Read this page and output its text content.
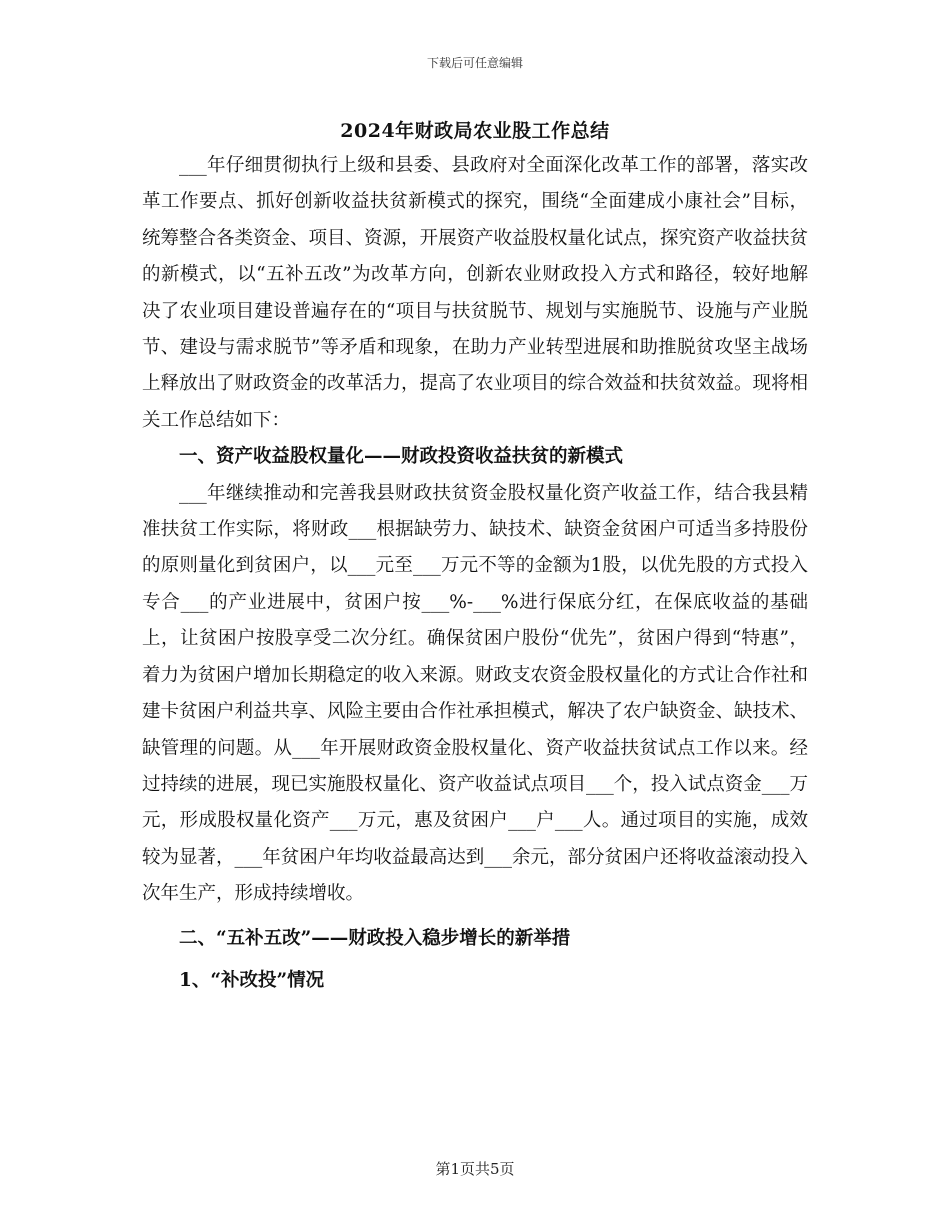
下载后可任意编辑
2024年财政局农业股工作总结

___年仔细贯彻执行上级和县委、县政府对全面深化改革工作的部署，落实改革工作要点、抓好创新收益扶贫新模式的探究，围绕“全面建成小康社会”目标，统筹整合各类资金、项目、资源，开展资产收益股权量化试点，探究资产收益扶贫的新模式，以“五补五改”为改革方向，创新农业财政投入方式和路径，较好地解决了农业项目建设普遍存在的“项目与扶贫脱节、规划与实施脱节、设施与产业脱节、建设与需求脱节”等矛盾和现象，在助力产业转型进展和助推脱贫攻坚主战场上释放出了财政资金的改革活力，提高了农业项目的综合效益和扶贫效益。现将相关工作总结如下：

一、资产收益股权量化——财政投资收益扶贫的新模式

___年继续推动和完善我县财政扶贫资金股权量化资产收益工作，结合我县精准扶贫工作实际，将财政___根据缺劳力、缺技术、缺资金贫困户可适当多持股份的原则量化到贫困户，以___元至___万元不等的金额为1股，以优先股的方式投入专合___的产业进展中，贫困户按___%-___%进行保底分红，在保底收益的基础上，让贫困户按股享受二次分红。确保贫困户股份“优先”，贫困户得到“特惠”，着力为贫困户增加长期稳定的收入来源。财政支农资金股权量化的方式让合作社和建卡贫困户利益共享、风险主要由合作社承担模式，解决了农户缺资金、缺技术、缺管理的问题。从___年开展财政资金股权量化、资产收益扶贫试点工作以来。经过持续的进展，现已实施股权量化、资产收益试点项目___个，投入试点资金___万元，形成股权量化资产___万元，惠及贫困户___户___人。通过项目的实施，成效较为显著，___年贫困户年均收益最高达到___余元，部分贫困户还将收益滚动投入次年生产，形成持续增收。

二、“五补五改”——财政投入稳步增长的新举措

1、“补改投”情况

第1页共5页
